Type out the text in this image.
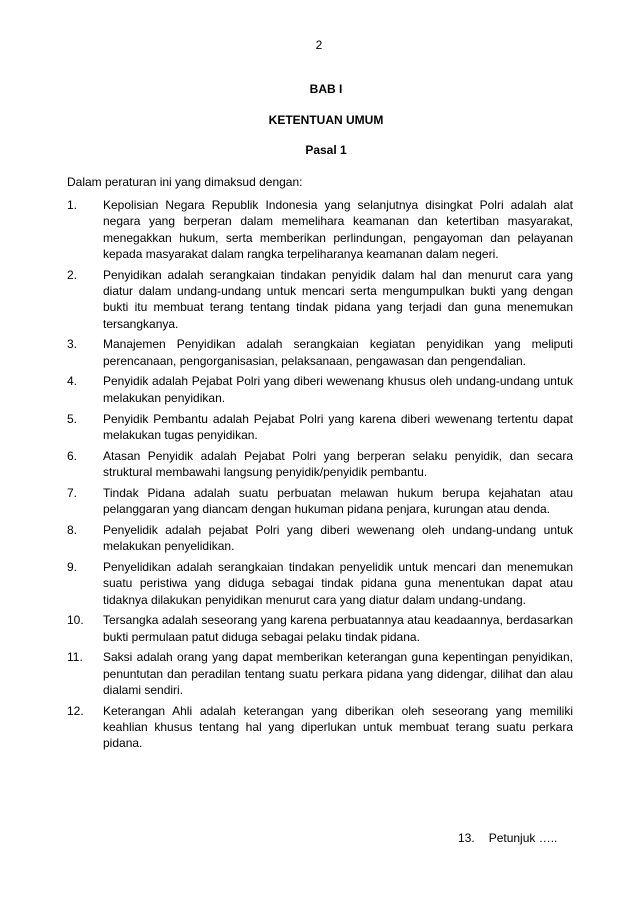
2
BAB I
KETENTUAN UMUM
Pasal 1
Dalam peraturan ini yang dimaksud dengan:
1.	Kepolisian Negara Republik Indonesia yang selanjutnya disingkat Polri adalah alat negara yang berperan dalam memelihara keamanan dan ketertiban masyarakat, menegakkan hukum, serta memberikan perlindungan, pengayoman dan pelayanan kepada masyarakat dalam rangka terpeliharanya keamanan dalam negeri.
2.	Penyidikan adalah serangkaian tindakan penyidik dalam hal dan menurut cara yang diatur dalam undang-undang untuk mencari serta mengumpulkan bukti yang dengan bukti itu membuat terang tentang tindak pidana yang terjadi dan guna menemukan tersangkanya.
3.	Manajemen Penyidikan adalah serangkaian kegiatan penyidikan yang meliputi perencanaan, pengorganisasian, pelaksanaan, pengawasan dan pengendalian.
4.	Penyidik adalah Pejabat Polri yang diberi wewenang khusus oleh undang-undang untuk melakukan penyidikan.
5.	Penyidik Pembantu adalah Pejabat Polri yang karena diberi wewenang tertentu dapat melakukan tugas penyidikan.
6.	Atasan Penyidik adalah Pejabat Polri yang berperan selaku penyidik, dan secara struktural membawahi langsung penyidik/penyidik pembantu.
7.	Tindak Pidana adalah suatu perbuatan melawan hukum berupa kejahatan atau pelanggaran yang diancam dengan hukuman pidana penjara, kurungan atau denda.
8.	Penyelidik adalah pejabat Polri yang diberi wewenang oleh undang-undang untuk melakukan penyelidikan.
9.	Penyelidikan adalah serangkaian tindakan penyelidik untuk mencari dan menemukan suatu peristiwa yang diduga sebagai tindak pidana guna menentukan dapat atau tidaknya dilakukan penyidikan menurut cara yang diatur dalam undang-undang.
10.	Tersangka adalah seseorang yang karena perbuatannya atau keadaannya, berdasarkan bukti permulaan patut diduga sebagai pelaku tindak pidana.
11.	Saksi adalah orang yang dapat memberikan keterangan guna kepentingan penyidikan, penuntutan dan peradilan tentang suatu perkara pidana yang didengar, dilihat dan alau dialami sendiri.
12.	Keterangan Ahli adalah keterangan yang diberikan oleh seseorang yang memiliki keahlian khusus tentang hal yang diperlukan untuk membuat terang suatu perkara pidana.
13. Petunjuk …..
